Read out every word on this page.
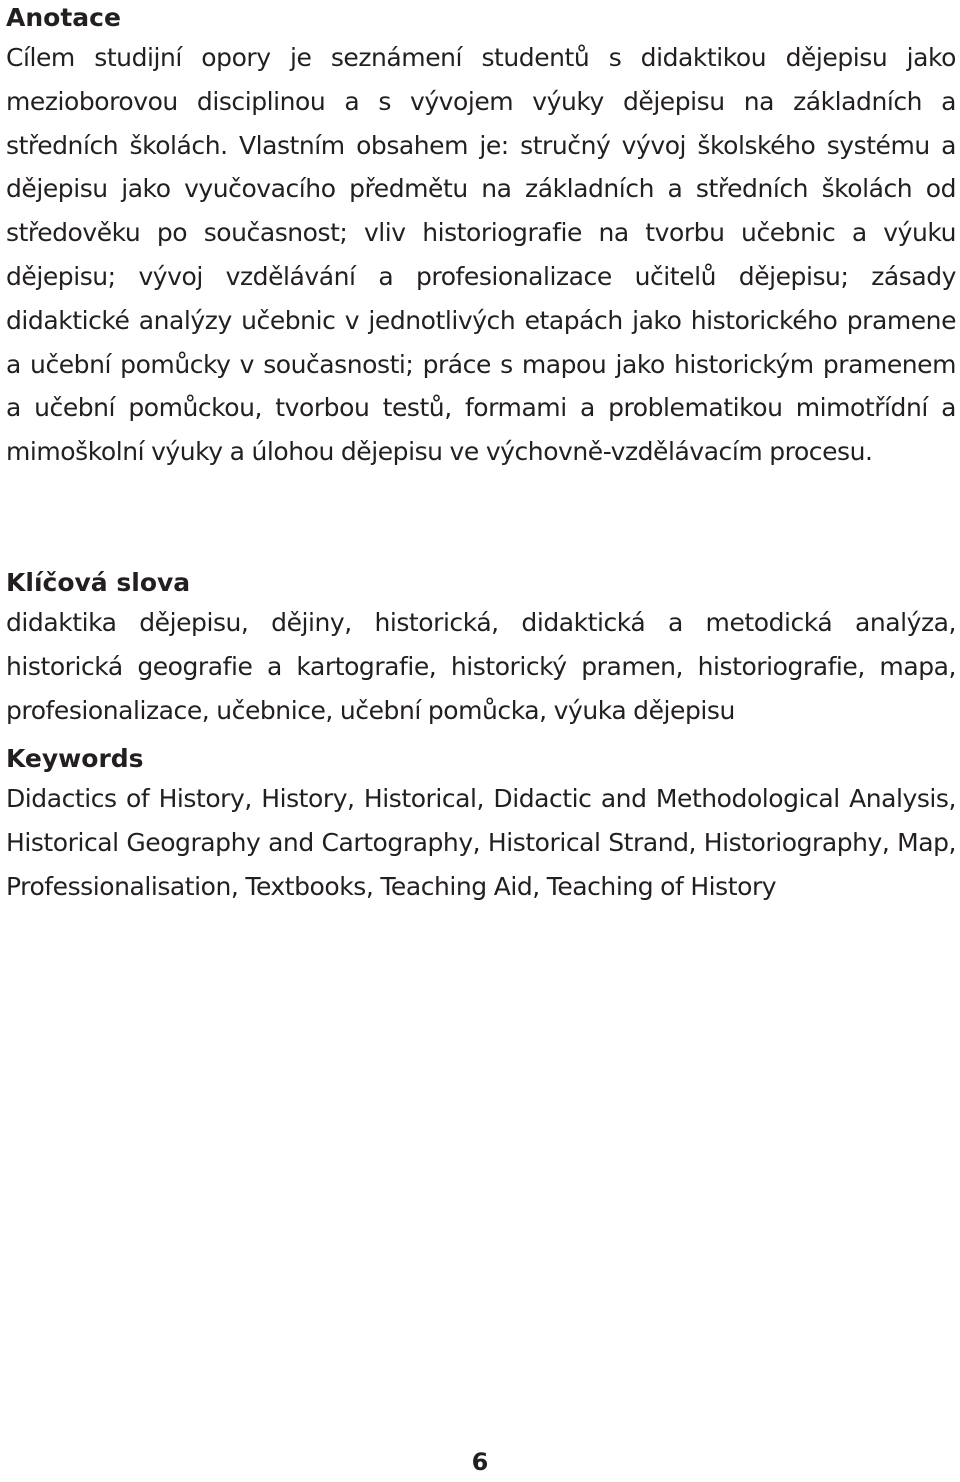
Anotace

Cílem studijní opory je seznámení studentů s didaktikou dějepisu jako mezioborovou disciplinou a s vývojem výuky dějepisu na základních a středních školách. Vlastním obsahem je: stručný vývoj školského systému a dějepisu jako vyučovacího předmětu na základních a středních školách od středověku po současnost; vliv historiografie na tvorbu učebnic a výuku dějepisu; vývoj vzdělávání a profesionalizace učitelů dějepisu; zásady didaktické analýzy učebnic v jednotlivých etapách jako historického pramene a učební pomůcky v současnosti; práce s mapou jako historickým pramenem a učební pomůckou, tvorbou testů, formami a problematikou mimotřídní a mimoškolní výuky a úlohou dějepisu ve výchovně-vzdělávacím procesu.

Klíčová slova

didaktika dějepisu, dějiny, historická, didaktická a metodická analýza, historická geografie a kartografie, historický pramen, historiografie, mapa, profesionalizace, učebnice, učební pomůcka, výuka dějepisu

Keywords

Didactics of History, History, Historical, Didactic and Methodological Analysis, Historical Geography and Cartography, Historical Strand, Historiography, Map, Professionalisation, Textbooks, Teaching Aid, Teaching of History

6
